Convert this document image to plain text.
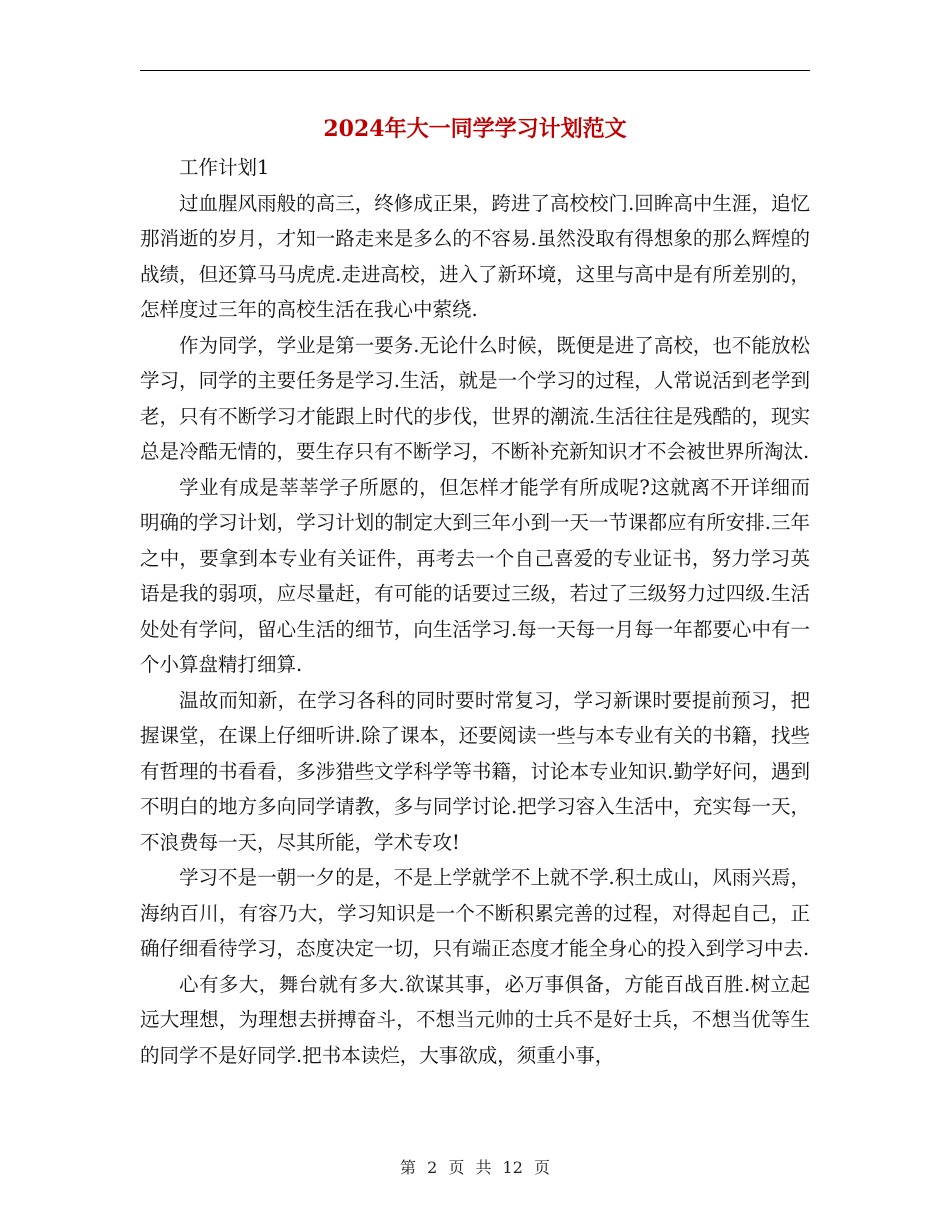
2024年大一同学学习计划范文

工作计划1

过血腥风雨般的高三，终修成正果，跨进了高校校门.回眸高中生涯，追忆那消逝的岁月，才知一路走来是多么的不容易.虽然没取有得想象的那么辉煌的战绩，但还算马马虎虎.走进高校，进入了新环境，这里与高中是有所差别的，怎样度过三年的高校生活在我心中萦绕.

作为同学，学业是第一要务.无论什么时候，既便是进了高校，也不能放松学习，同学的主要任务是学习.生活，就是一个学习的过程，人常说活到老学到老，只有不断学习才能跟上时代的步伐，世界的潮流.生活往往是残酷的，现实总是冷酷无情的，要生存只有不断学习，不断补充新知识才不会被世界所淘汰.

学业有成是莘莘学子所愿的，但怎样才能学有所成呢?这就离不开详细而明确的学习计划，学习计划的制定大到三年小到一天一节课都应有所安排.三年之中，要拿到本专业有关证件，再考去一个自己喜爱的专业证书，努力学习英语是我的弱项，应尽量赶，有可能的话要过三级，若过了三级努力过四级.生活处处有学问，留心生活的细节，向生活学习.每一天每一月每一年都要心中有一个小算盘精打细算.

温故而知新，在学习各科的同时要时常复习，学习新课时要提前预习，把握课堂，在课上仔细听讲.除了课本，还要阅读一些与本专业有关的书籍，找些有哲理的书看看，多涉猎些文学科学等书籍，讨论本专业知识.勤学好问，遇到不明白的地方多向同学请教，多与同学讨论.把学习容入生活中，充实每一天，不浪费每一天，尽其所能，学术专攻!

学习不是一朝一夕的是，不是上学就学不上就不学.积土成山，风雨兴焉，海纳百川，有容乃大，学习知识是一个不断积累完善的过程，对得起自己，正确仔细看待学习，态度决定一切，只有端正态度才能全身心的投入到学习中去.

心有多大，舞台就有多大.欲谋其事，必万事俱备，方能百战百胜.树立起远大理想，为理想去拼搏奋斗，不想当元帅的士兵不是好士兵，不想当优等生的同学不是好同学.把书本读烂，大事欲成，须重小事，

第 2 页 共 12 页
